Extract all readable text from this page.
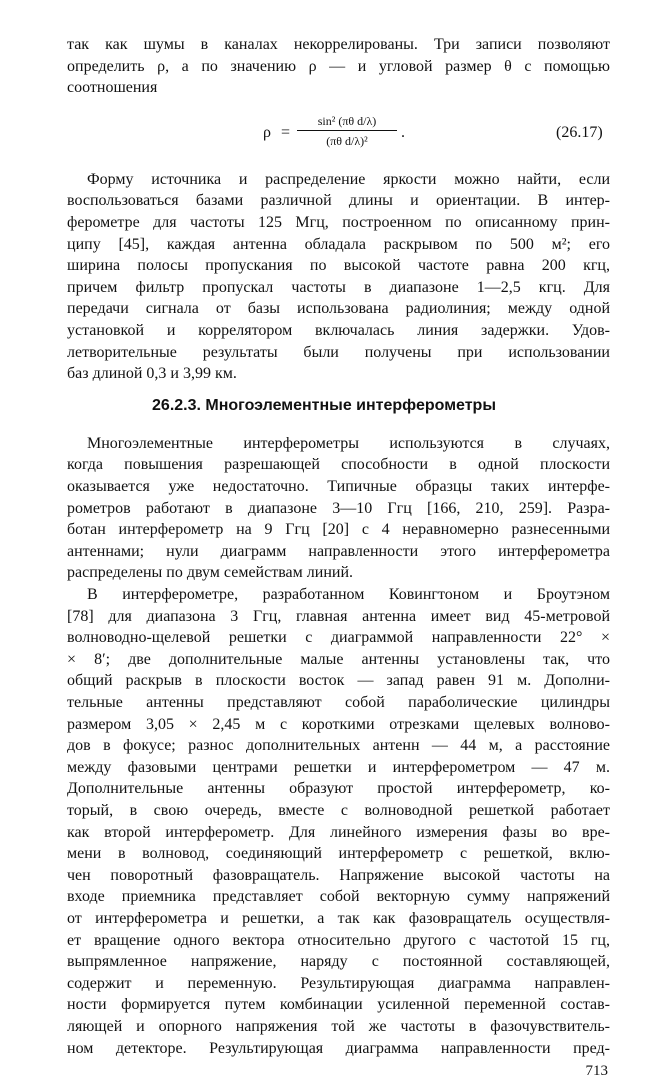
так как шумы в каналах некоррелированы. Три записи позволяют
определить ρ, а по значению ρ — и угловой размер θ с помощью
соотношения
ρ =
sin² (πθ d/λ)
(πθ d/λ)²	.	(26.17)
Форму источника и распределение яркости можно найти, если
воспользоваться базами различной длины и ориентации. В интер-
ферометре для частоты 125 Мгц, построенном по описанному прин-
ципу [45], каждая антенна обладала раскрывом по 500 м²; его
ширина полосы пропускания по высокой частоте равна 200 кгц,
причем фильтр пропускал частоты в диапазоне 1—2,5 кгц. Для
передачи сигнала от базы использована радиолиния; между одной
установкой и коррелятором включалась линия задержки. Удов-
летворительные результаты были получены при использовании
баз длиной 0,3 и 3,99 км.
26.2.3. Многоэлементные интерферометры
Многоэлементные интерферометры используются в случаях,
когда повышения разрешающей способности в одной плоскости
оказывается уже недостаточно. Типичные образцы таких интерфе-
рометров работают в диапазоне 3—10 Ггц [166, 210, 259]. Разра-
ботан интерферометр на 9 Ггц [20] с 4 неравномерно разнесенными
антеннами; нули диаграмм направленности этого интерферометра
распределены по двум семействам линий.
В интерферометре, разработанном Ковингтоном и Броутэном
[78] для диапазона 3 Ггц, главная антенна имеет вид 45-метровой
волноводно-щелевой решетки с диаграммой направленности 22° ×
× 8′; две дополнительные малые антенны установлены так, что
общий раскрыв в плоскости восток — запад равен 91 м. Дополни-
тельные антенны представляют собой параболические цилиндры
размером 3,05 × 2,45 м с короткими отрезками щелевых волново-
дов в фокусе; разнос дополнительных антенн — 44 м, а расстояние
между фазовыми центрами решетки и интерферометром — 47 м.
Дополнительные антенны образуют простой интерферометр, ко-
торый, в свою очередь, вместе с волноводной решеткой работает
как второй интерферометр. Для линейного измерения фазы во вре-
мени в волновод, соединяющий интерферометр с решеткой, вклю-
чен поворотный фазовращатель. Напряжение высокой частоты на
входе приемника представляет собой векторную сумму напряжений
от интерферометра и решетки, а так как фазовращатель осуществля-
ет вращение одного вектора относительно другого с частотой 15 гц,
выпрямленное напряжение, наряду с постоянной составляющей,
содержит и переменную. Результирующая диаграмма направлен-
ности формируется путем комбинации усиленной переменной состав-
ляющей и опорного напряжения той же частоты в фазочувствитель-
ном детекторе. Результирующая диаграмма направленности пред-
713
